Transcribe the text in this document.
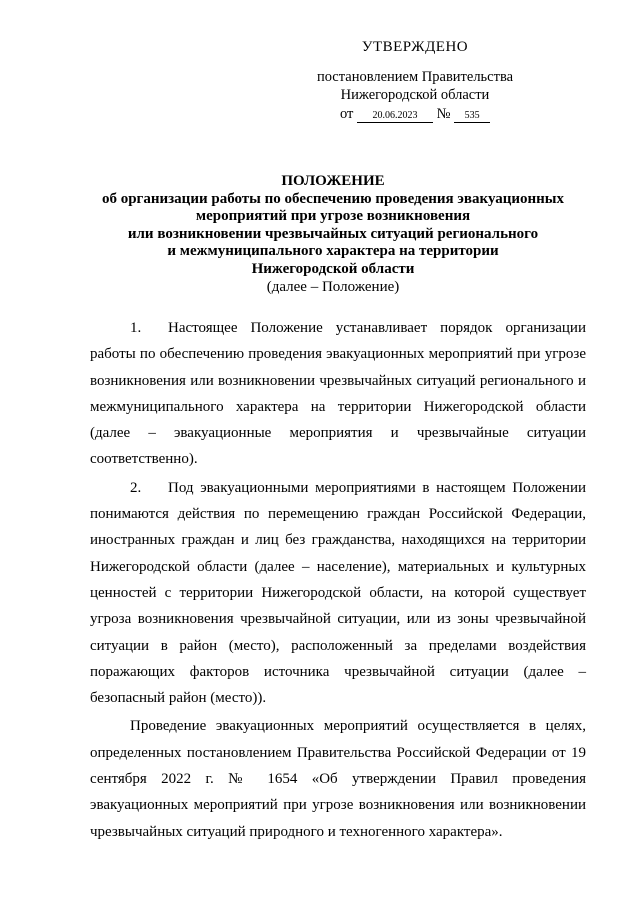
УТВЕРЖДЕНО
постановлением Правительства
Нижегородской области
от 20.06.2023 № 535
ПОЛОЖЕНИЕ
об организации работы по обеспечению проведения эвакуационных
мероприятий при угрозе возникновения
или возникновении чрезвычайных ситуаций регионального
и межмуниципального характера на территории
Нижегородской области
(далее – Положение)

1. Настоящее Положение устанавливает порядок организации работы по обеспечению проведения эвакуационных мероприятий при угрозе возникновения или возникновении чрезвычайных ситуаций регионального и межмуниципального характера на территории Нижегородской области (далее – эвакуационные мероприятия и чрезвычайные ситуации соответственно).

2. Под эвакуационными мероприятиями в настоящем Положении понимаются действия по перемещению граждан Российской Федерации, иностранных граждан и лиц без гражданства, находящихся на территории Нижегородской области (далее – население), материальных и культурных ценностей с территории Нижегородской области, на которой существует угроза возникновения чрезвычайной ситуации, или из зоны чрезвычайной ситуации в район (место), расположенный за пределами воздействия поражающих факторов источника чрезвычайной ситуации (далее – безопасный район (место)).

Проведение эвакуационных мероприятий осуществляется в целях, определенных постановлением Правительства Российской Федерации от 19 сентября 2022 г. № 1654 «Об утверждении Правил проведения эвакуационных мероприятий при угрозе возникновения или возникновении чрезвычайных ситуаций природного и техногенного характера».
